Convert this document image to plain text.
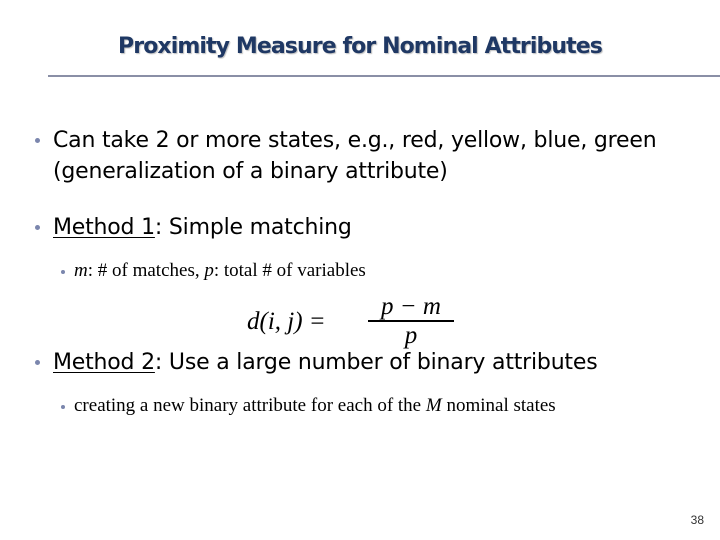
Proximity Measure for Nominal Attributes
Can take 2 or more states, e.g., red, yellow, blue, green
(generalization of a binary attribute)
Method 1: Simple matching
m: # of matches, p: total # of variables
d(i, j) =
p − m
p
Method 2: Use a large number of binary attributes
creating a new binary attribute for each of the M nominal states
38
